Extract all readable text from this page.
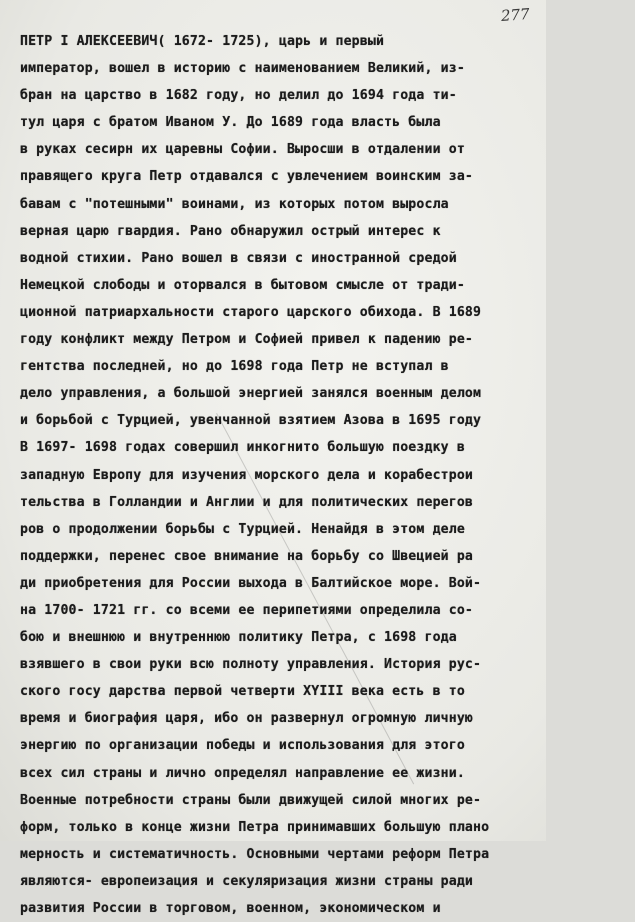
277
ПЕТР I АЛЕКСЕЕВИЧ( 1672- 1725), царь и первый
император, вошел в историю с наименованием Великий, из-
бран на царство в 1682 году, но делил до 1694 года ти-
тул царя с братом Иваном У. До 1689 года власть была
в руках сесирн их царевны Софии. Выросши в отдалении от
правящего круга Петр отдавался с увлечением воинским за-
бавам с "потешными" воинами, из которых потом выросла
верная царю гвардия. Рано обнаружил острый интерес к
водной стихии. Рано вошел в связи с иностранной средой
Немецкой слободы и оторвался в бытовом смысле от тради-
ционной патриархальности старого царского обихода. В 1689
году конфликт между Петром и Софией привел к падению ре-
гентства последней, но до 1698 года Петр не вступал в
дело управления, а большой энергией занялся военным делом
и борьбой с Турцией, увенчанной взятием Азова в 1695 году
В 1697- 1698 годах совершил инкогнито большую поездку в
западную Европу для изучения морского дела и корабестрои
тельства в Голландии и Англии и для политических перегов
ров о продолжении борьбы с Турцией. Ненайдя в этом деле
поддержки, перенес свое внимание на борьбу со Швецией ра
ди приобретения для России выхода в Балтийское море. Вой-
на 1700- 1721 гг. со всеми ее перипетиями определила со-
бою и внешнюю и внутреннюю политику Петра, с 1698 года
взявшего в свои руки всю полноту управления. История рус-
ского госу дарства первой четверти XYIII века есть в то
время и биография царя, ибо он развернул огромную личную
энергию по организации победы и использования для этого
всех сил страны и лично определял направление ее жизни.
Военные потребности страны были движущей силой многих ре-
форм, только в конце жизни Петра принимавших большую плано
мерность и систематичность. Основными чертами реформ Петра
являются- европеизация и секуляризация жизни страны ради
развития России в торговом, военном, экономическом и
